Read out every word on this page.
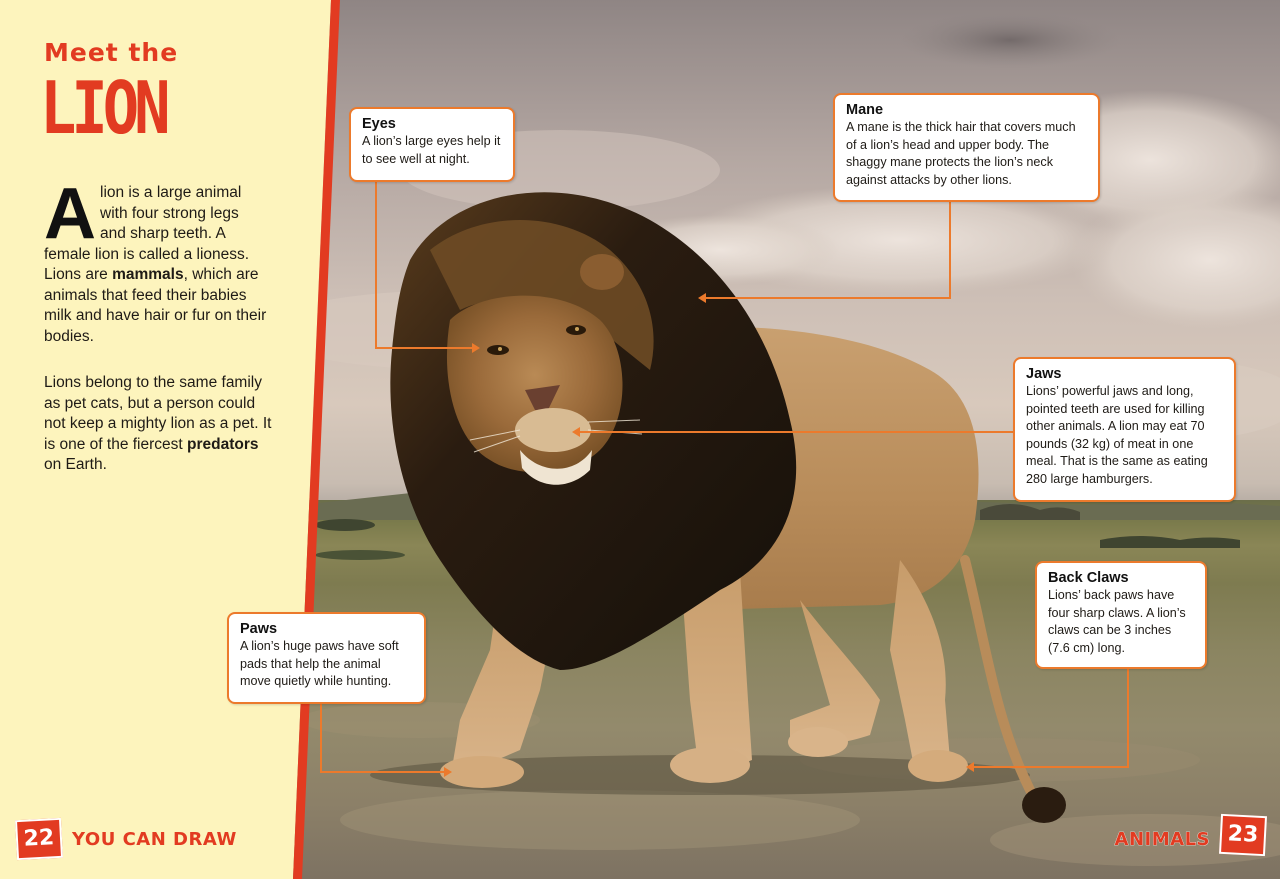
Meet the
LION
A lion is a large animal with four strong legs and sharp teeth. A female lion is called a lioness. Lions are mammals, which are animals that feed their babies milk and have hair or fur on their bodies.
Lions belong to the same family as pet cats, but a person could not keep a mighty lion as a pet. It is one of the fiercest predators on Earth.
Eyes
A lion’s large eyes help it to see well at night.
Mane
A mane is the thick hair that covers much of a lion’s head and upper body. The shaggy mane protects the lion’s neck against attacks by other lions.
Jaws
Lions’ powerful jaws and long, pointed teeth are used for killing other animals. A lion may eat 70 pounds (32 kg) of meat in one meal. That is the same as eating 280 large hamburgers.
Paws
A lion’s huge paws have soft pads that help the animal move quietly while hunting.
Back Claws
Lions’ back paws have four sharp claws. A lion’s claws can be 3 inches (7.6 cm) long.
22 YOU CAN DRAW	ANIMALS 23
